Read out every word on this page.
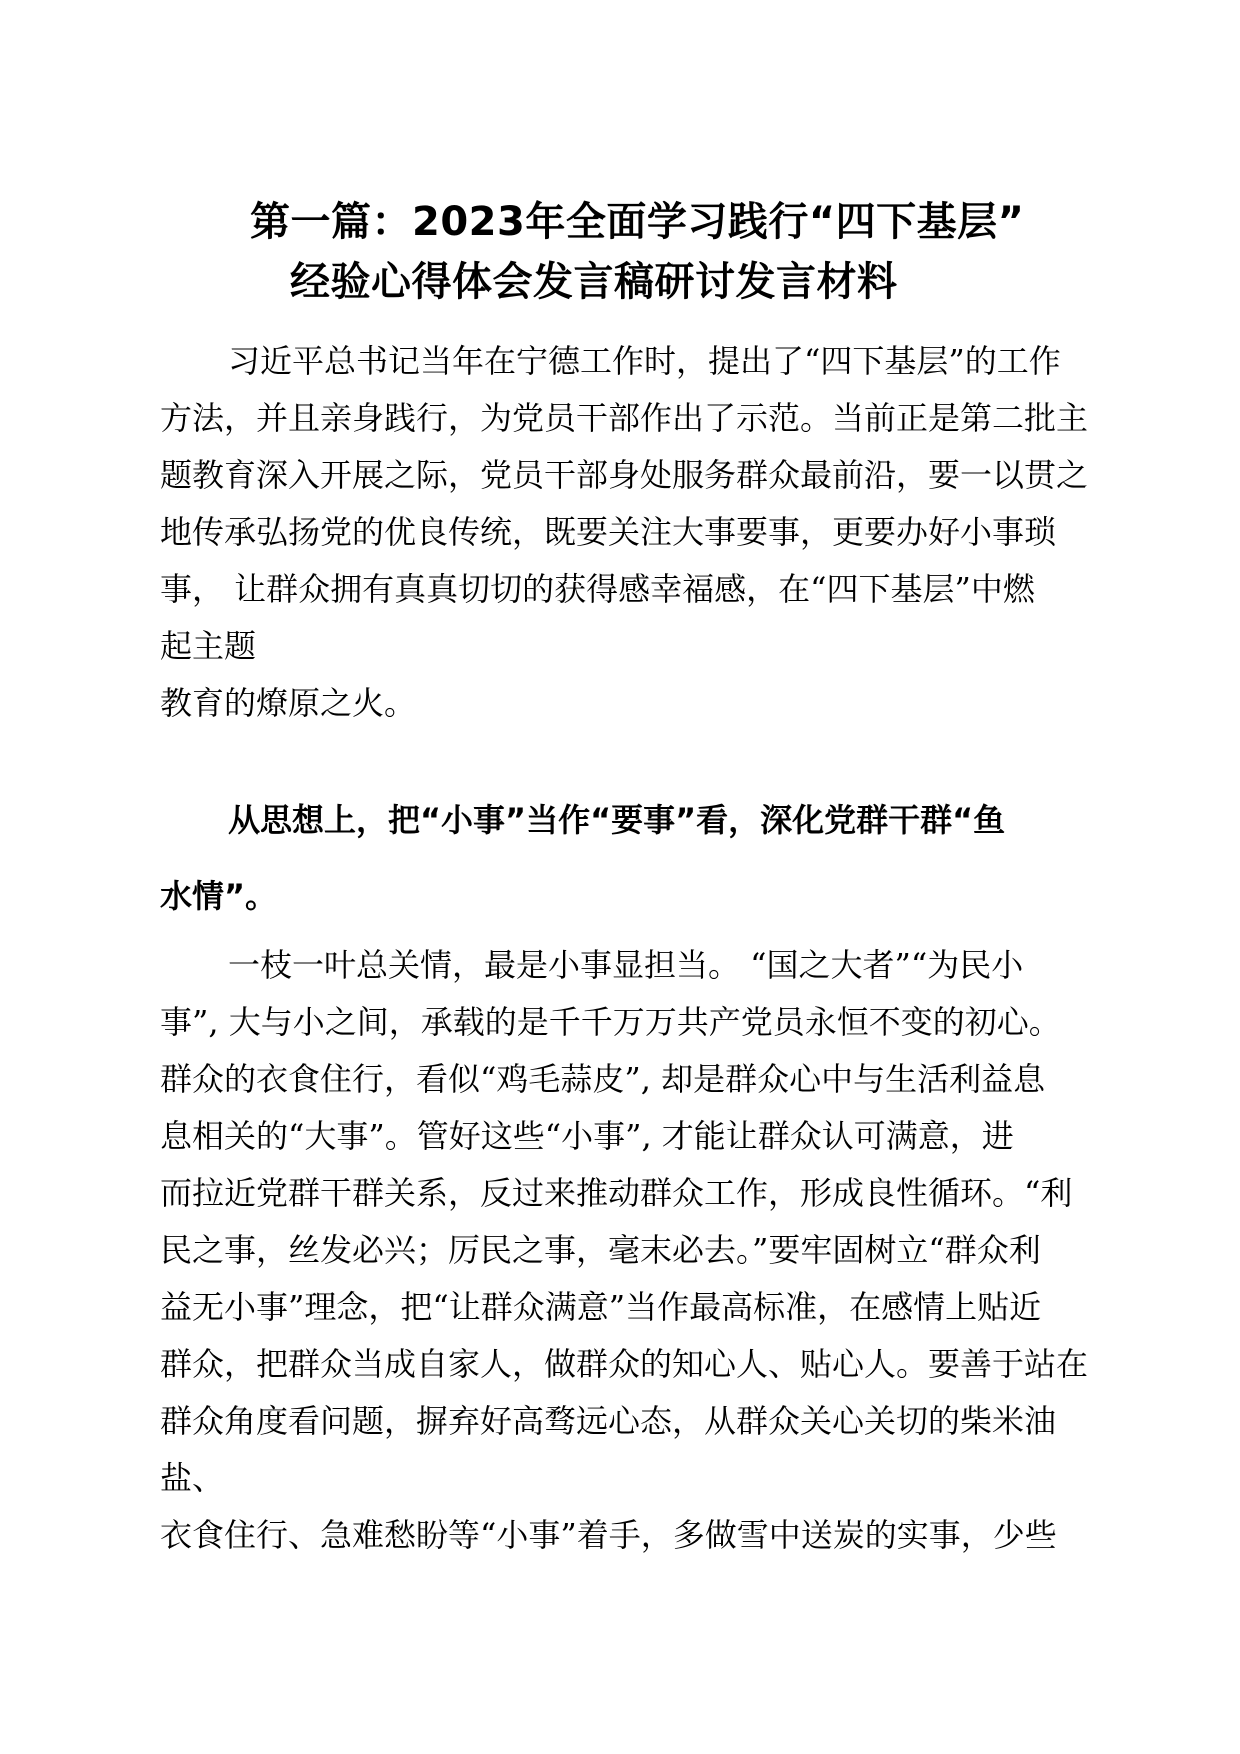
第一篇：2023年全面学习践行“四下基层”
经验心得体会发言稿研讨发言材料
习近平总书记当年在宁德工作时，提出了“四下基层”的工作
方法，并且亲身践行，为党员干部作出了示范。当前正是第二批主
题教育深入开展之际，党员干部身处服务群众最前沿，要一以贯之
地传承弘扬党的优良传统，既要关注大事要事，更要办好小事琐
事， 让群众拥有真真切切的获得感幸福感，在“四下基层”中燃
起主题
教育的燎原之火。
从思想上，把“小事”当作“要事”看，深化党群干群“鱼
水情”。
一枝一叶总关情，最是小事显担当。 “国之大者”“为民小
事”, 大与小之间，承载的是千千万万共产党员永恒不变的初心。
群众的衣食住行，看似“鸡毛蒜皮”, 却是群众心中与生活利益息
息相关的“大事”。管好这些“小事”, 才能让群众认可满意，进
而拉近党群干群关系，反过来推动群众工作，形成良性循环。“利
民之事，丝发必兴；厉民之事，毫末必去。”要牢固树立“群众利
益无小事”理念，把“让群众满意”当作最高标准，在感情上贴近
群众，把群众当成自家人，做群众的知心人、贴心人。要善于站在
群众角度看问题，摒弃好高骛远心态，从群众关心关切的柴米油
盐、
衣食住行、急难愁盼等“小事”着手，多做雪中送炭的实事，少些
